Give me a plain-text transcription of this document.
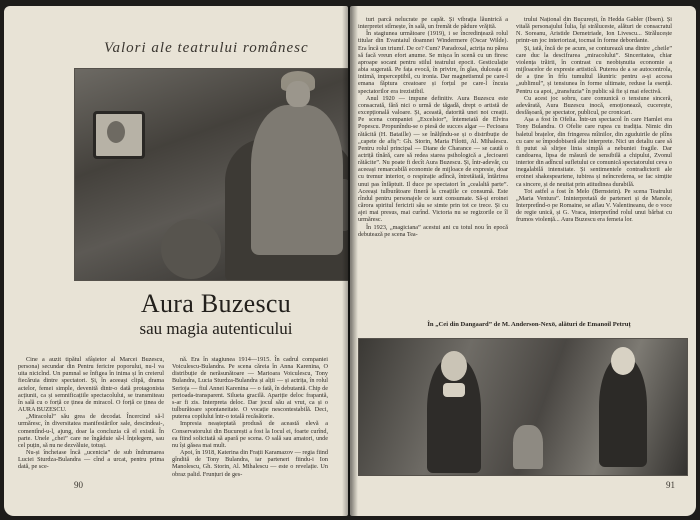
Valori ale teatrului românesc
Aura Buzescu
sau magia autenticului

Cine a auzit tipătul sfâșietor al Marcei Buzescu, persona) secundar din Pentru fericire poporului, nu-l va uita niciclnd. Un pumnal se înfigea în inima și în creierul fiecăruia dintre spectatori. Și, în aceeași clipă, drama actelor, femei simple, devenită dintr-o dată protagonista acțiunii, ca și semnificațiile spectacolului, se transmiteau în sală cu o forță ce ținea de miracol. O forță ce ținea de AURA BUZESCU.

„Miracolul” său grea de decodat. Încercind să-l urmăresc, în diversitatea manifestărilor sale, descindeai-, comentînd-u-l, ajung, doar la concluzia că el există. În parte. Unele „chei” care ne îngăduie să-l înțelegem, sau cel puțin, să nu ne dezvăluie, totuși.

Nu-și încheiase încă „ucenicia” de sub îndrumarea Luciei Sturdza-Bulandra — cînd a urcat, pentru prima dată, pe sce-

nă. Era în stagiunea 1914—1915. În cadrul companiei Voiculescu-Bulandra. Pe scena căreia în Anna Karenina, O distribuție de nerăsunătoare — Marioara Voiculescu, Tony Bulandra, Lucia Sturdza-Bulandra și alții — și actrița, în rolul Serioja — fiul Annei Karenina — o fată, în debutantă. Chip de perioada-transparent. Silueta gracilă. Apariție deloc frapantă, s-ar fi zis. Interpreta deloc. Dar jocul său ai vrut, ca și o tulburătoare spontaneitate. O vocație nescontestabilă. Deci, puterea copilului într-o totală recăsătorie.

Impresia neașteptată produsă de această elevă a Conservatorului din București a fost la Iocul ei, foarte curînd, ea fiind solicitată să apară pe scena. O sală sau amatori, unde nu își găsea mai mult.

Apoi, în 1918, Katerina din Frații Karamazov — regia fiind gîndită de Tony Bulandra, iar parteneri fiindu-i Ion Manolescu, Gh. Storin, Al. Mihalescu — este o revelație. Un obraz palid. Frunțuri de ges-

90

turi parcă nelucrate pe capăt. Și vibrația lăuntrică a interpretei stîrnește, în sală, un fremăt de pădure vrăjită.

În stagiunea următoare (1919), i se încredințează rolul titular din Evantaiul doamnei Windermere (Oscar Wilde). Era încă un triumf. De ce? Cum? Paradoxal, actrița nu părea să facă vreun efort anume. Se mișca în scenă cu un firesc aproape socant pentru stilul teatrului epocii. Gesticulație abia sugerată. Pe fața evocă, în privire, în glas, dulceața ei intimă, imperceptibil, cu ironia. Dar magnetismul pe care-l emana făptura creatoare și forțul pe care-l încuia spectatorilor era irezistibil.

Anul 1920 — impune definitiv. Aura Buzescu este consacrată, fără nici o urmă de tăgadă, drept o artistă de excepțională valoare. Și, această, datorită unei noi creații. Pe scena companiei „Excelsior”, întemeiată de Elvira Popescu. Propunîndu-se o piesă de succes algar — Fecioara rătăcită (H. Bataille) — se înălțîndu-se și o distribuție de „capete de afiș”: Gh. Storin, Maria Filotti, Al. Mihalescu. Pentru rolul principal — Diane de Charance — se caută o actriță tînără, care să redea starea psihologică a „fecioarei rătăcite”. Nu poate fi decît Aura Buzescu. Și, într-adevăr, cu aceeași remarcabilă economie de mijloace de expresie, doar cu tremur interior, o respirație adîncă, întretăiată, întărirea unui pas înfăptuit. Il duce pe spectatori în „cealaltă parte”. Aceeași tulburătoare fineră la creațiile ce consumă. Este rîndul pentru personajele ce sunt consumate. Să-și eroinei cărora spiritul fericirii său se simte prin tot ce trece. Și cu ajei mai presus, mai curînd. Victoria nu se regizorile ce îl urmăresc.

În 1923, „magiciana” acestui ani cu totul nou în epocă debutează pe scena Tea-

trului Național din București, în Hedda Gabler (Ibsen). Și vitală personajului Îulia, Își străluceste, alături de consacratul N. Soreanu, Aristide Demetriade, Ion Livescu... Strălucește printr-un joc interiorizat, tocmai în forme debordante.

Și, iată, încă de pe acum, se conturează una dintre „cheile” care duc la descifrarea „miracolului”. Sinceritatea, chiar violența trăirii, în contrast cu neobișnuita economie a mijloacelor de expresie artistică. Puterea de a se autocontrola, de a ține în frîu tumultul lăuntric pentru a-și accesa „sublimul”, și tensiunea în forme ultimate, reduse la esență. Pentru ca apoi, „transfuzia” în public să fie și mai efectivă.

Cu acest joc sobru, care comunică o tensiune sinceră, adevărată, Aura Buzescu inocă, emoționează, cucerește, desfășoară, pe spectator, publicul, pe cronicari.

Așa a fost în Ofelia. Într-un spectacol în care Hamlet era Tony Bulandra. O Ofelie care rupea cu tradiția. Nimic din baletul brațelor, din fringerea mîinilor, din zguduirile de plîns cu care se împodobiseră alte interprete. Nici un detaliu care să fi putut să slirjee linia simplă a nebuniei fragile. Dar candoarea, lipsa de măsură de sensibilă a chipului, Zvonul interior din adîncul sufletului ce comunică spectatorului ceva o inegalabilă intensitate. Și sentimentele contradictorii ale eroinei shakespeariene, iubirea și neîncrederea, se fac simțite ca sincere, și de neuitat prin atitudinea durabilă.

Tot astfel a fost în Melo (Bernstein). Pe scena Teatrului „Maria Ventura”. Ininterpretată de parteneri și de Manole, Interpretînd-o pe Romaine, se aflau V. Valentineanu, de o voce de regie unică, și G. Vraca, interpretînd rolul unui bărbat cu frumos violență... Aura Buzescu era femeia lor.

În „Cei din Dangaard” de M. Anderson-Nexö, alături de Emanoil Petruț
91
